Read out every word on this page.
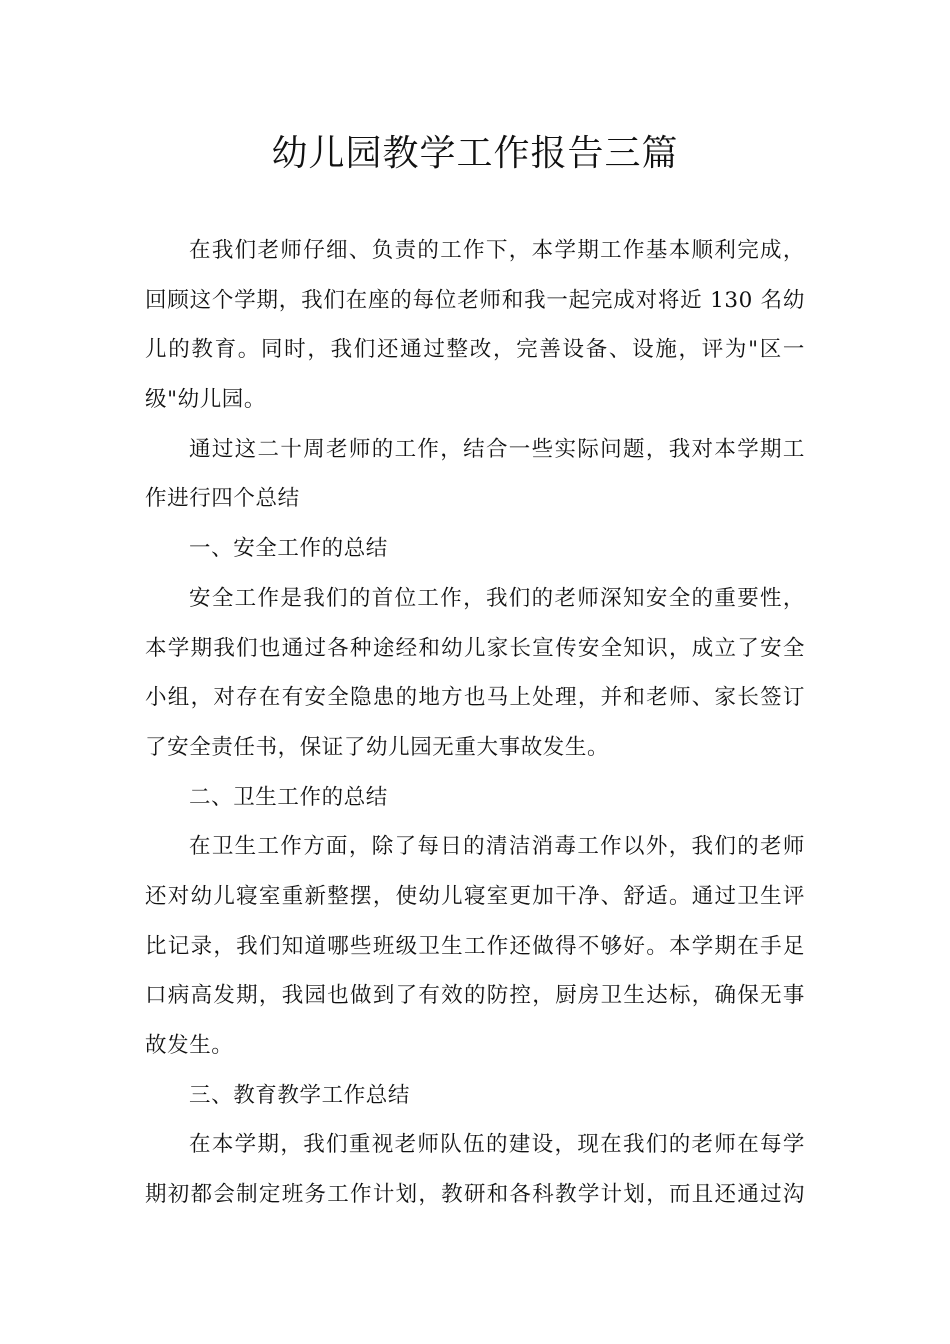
幼儿园教学工作报告三篇
在我们老师仔细、负责的工作下，本学期工作基本顺利完成，
回顾这个学期，我们在座的每位老师和我一起完成对将近 130 名幼
儿的教育。同时，我们还通过整改，完善设备、设施，评为"区一
级"幼儿园。
通过这二十周老师的工作，结合一些实际问题，我对本学期工
作进行四个总结
一、安全工作的总结
安全工作是我们的首位工作，我们的老师深知安全的重要性，
本学期我们也通过各种途经和幼儿家长宣传安全知识，成立了安全
小组，对存在有安全隐患的地方也马上处理，并和老师、家长签订
了安全责任书，保证了幼儿园无重大事故发生。
二、卫生工作的总结
在卫生工作方面，除了每日的清洁消毒工作以外，我们的老师
还对幼儿寝室重新整摆，使幼儿寝室更加干净、舒适。通过卫生评
比记录，我们知道哪些班级卫生工作还做得不够好。本学期在手足
口病高发期，我园也做到了有效的防控，厨房卫生达标，确保无事
故发生。
三、教育教学工作总结
在本学期，我们重视老师队伍的建设，现在我们的老师在每学
期初都会制定班务工作计划，教研和各科教学计划，而且还通过沟
